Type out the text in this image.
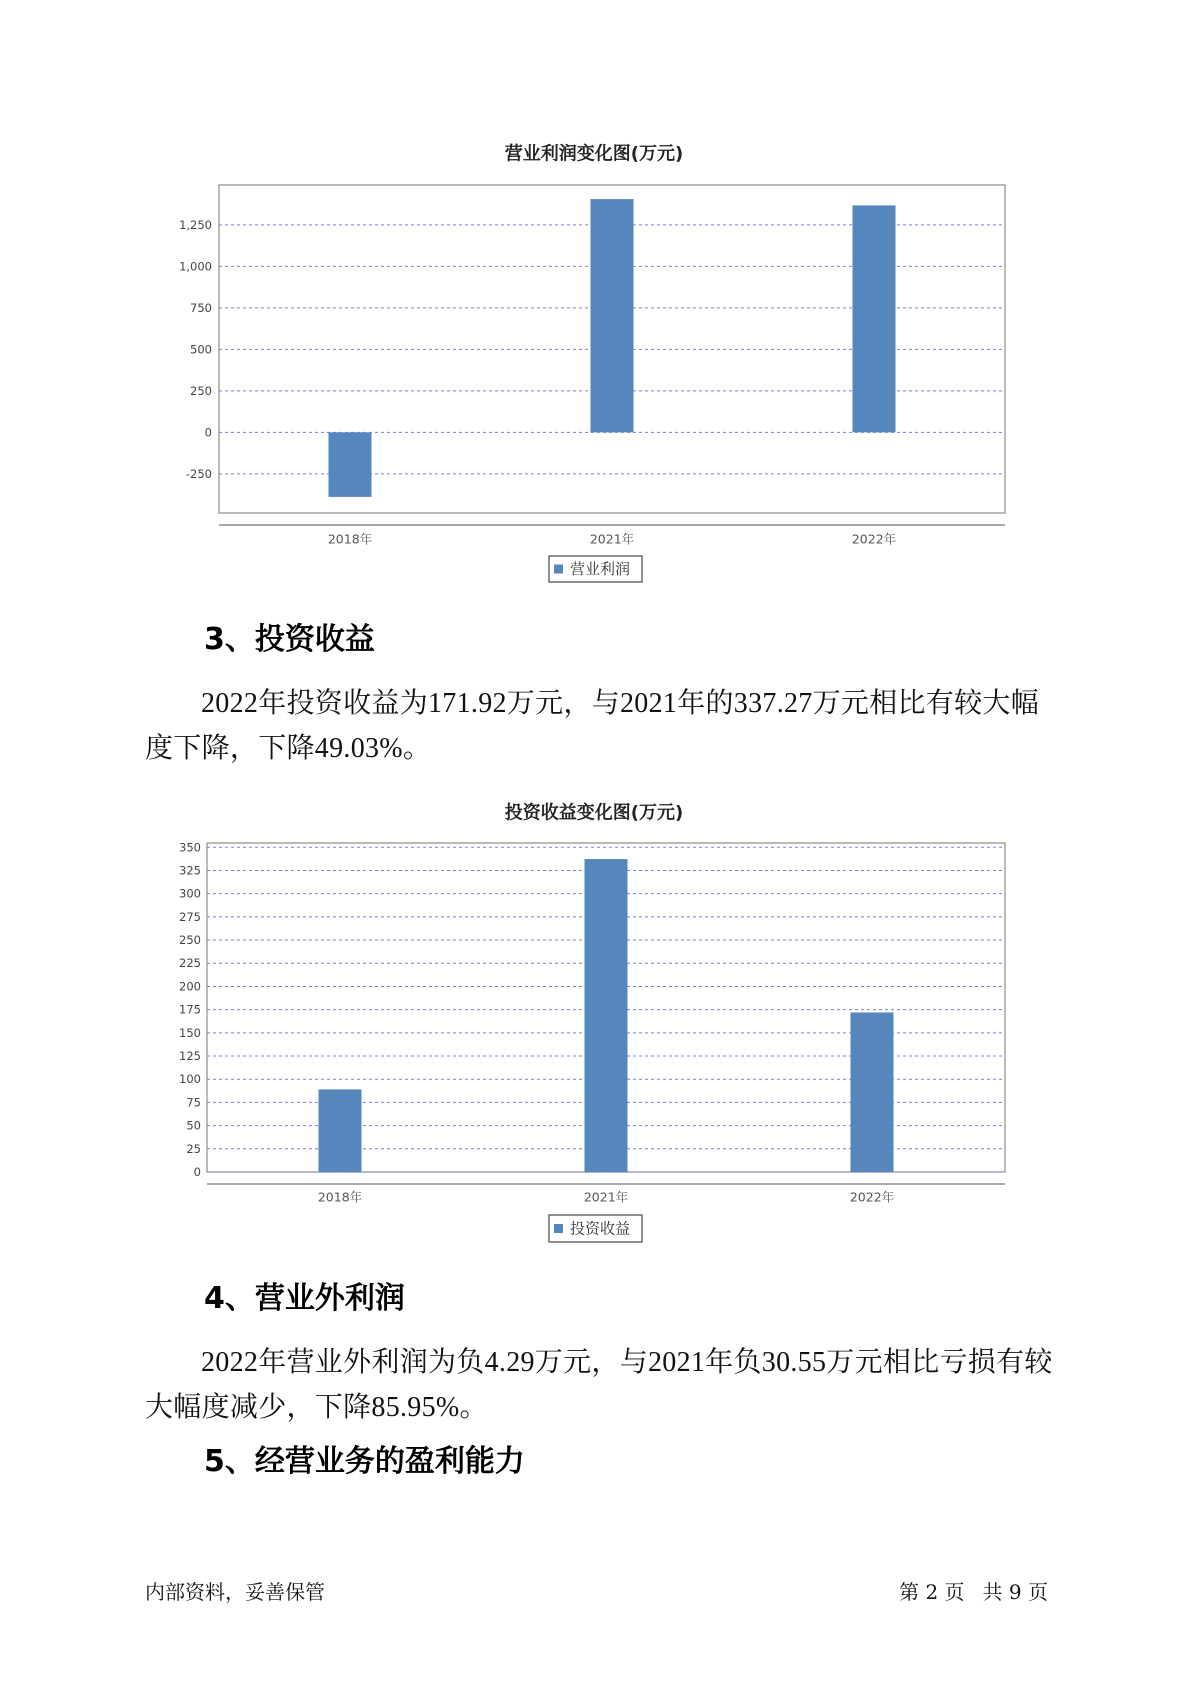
营业利润变化图(万元)
-250
0
250
500
750
1,000
1,250
2018年	2021年	2022年
营业利润
投资收益变化图(万元)
0
25
50
75
100
125
150
175
200
225
250
275
300
325
350
2018年	2021年	2022年
投资收益
3、投资收益

2022年投资收益为171.92万元，与2021年的337.27万元相比有较大幅

度下降，下降49.03%。

4、营业外利润

2022年营业外利润为负4.29万元，与2021年负30.55万元相比亏损有较

大幅度减少，下降85.95%。

5、经营业务的盈利能力
内部资料，妥善保管	第 2 页 共 9 页
